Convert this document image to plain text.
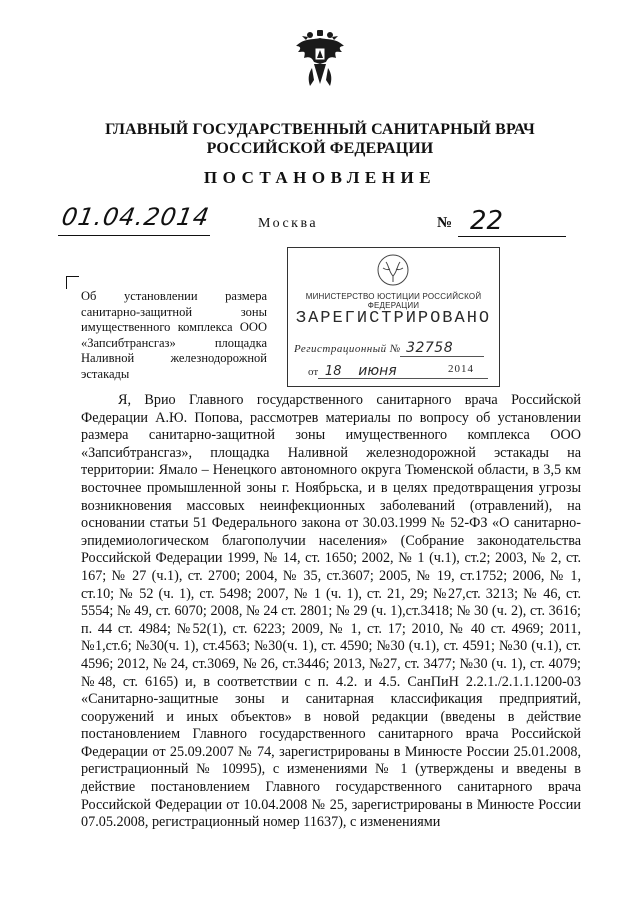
ГЛАВНЫЙ ГОСУДАРСТВЕННЫЙ САНИТАРНЫЙ ВРАЧ
РОССИЙСКОЙ ФЕДЕРАЦИИ
ПОСТАНОВЛЕНИЕ
01.04.2014	Москва	№ 22
Об установлении размера санитарно-защитной зоны имущественного комплекса ООО «Запсибтрансгаз» площадка Наливной железнодорожной эстакады
МИНИСТЕРСТВО ЮСТИЦИИ РОССИЙСКОЙ ФЕДЕРАЦИИ
ЗАРЕГИСТРИРОВАНО
Регистрационный № 32758
от 18 июня	2014

Я, Врио Главного государственного санитарного врача Российской Федерации А.Ю. Попова, рассмотрев материалы по вопросу об установлении размера санитарно-защитной зоны имущественного комплекса ООО «Запсибтрансгаз», площадка Наливной железнодорожной эстакады на территории: Ямало – Ненецкого автономного округа Тюменской области, в 3,5 км восточнее промышленной зоны г. Ноябрьска, и в целях предотвращения угрозы возникновения массовых неинфекционных заболеваний (отравлений), на основании статьи 51 Федерального закона от 30.03.1999 № 52-ФЗ «О санитарно-эпидемиологическом благополучии населения» (Собрание законодательства Российской Федерации 1999, № 14, ст. 1650; 2002, № 1 (ч.1), ст.2; 2003, № 2, ст. 167; № 27 (ч.1), ст. 2700; 2004, № 35, ст.3607; 2005, № 19, ст.1752; 2006, № 1, ст.10; № 52 (ч. 1), ст. 5498; 2007, № 1 (ч. 1), ст. 21, 29; №27,ст. 3213; № 46, ст. 5554; № 49, ст. 6070; 2008, № 24 ст. 2801; № 29 (ч. 1),ст.3418; № 30 (ч. 2), ст. 3616; п. 44 ст. 4984; №52(1), ст. 6223; 2009, № 1, ст. 17; 2010, № 40 ст. 4969; 2011, №1,ст.6; №30(ч. 1), ст.4563; №30(ч. 1), ст. 4590; №30 (ч.1), ст. 4591; №30 (ч.1), ст. 4596; 2012, № 24, ст.3069, № 26, ст.3446; 2013, №27, ст. 3477; №30 (ч. 1), ст. 4079; №48, ст. 6165) и, в соответствии с п. 4.2. и 4.5. СанПиН 2.2.1./2.1.1.1200-03 «Санитарно-защитные зоны и санитарная классификация предприятий, сооружений и иных объектов» в новой редакции (введены в действие постановлением Главного государственного санитарного врача Российской Федерации от 25.09.2007 № 74, зарегистрированы в Минюсте России 25.01.2008, регистрационный № 10995), с изменениями № 1 (утверждены и введены в действие постановлением Главного государственного санитарного врача Российской Федерации от 10.04.2008 № 25, зарегистрированы в Минюсте России 07.05.2008, регистрационный номер 11637), с изменениями
